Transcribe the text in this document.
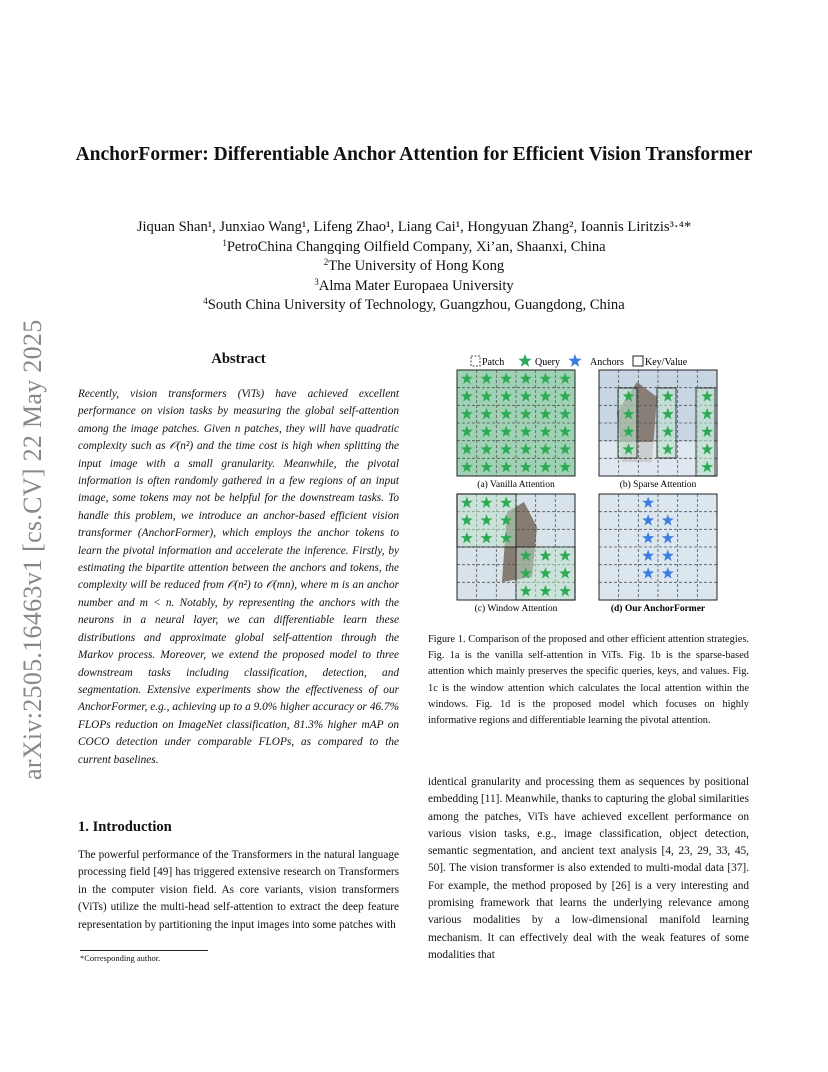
AnchorFormer: Differentiable Anchor Attention for Efficient Vision Transformer
Jiquan Shan¹, Junxiao Wang¹, Lifeng Zhao¹, Liang Cai¹, Hongyuan Zhang², Ioannis Liritzis³·⁴*
$^1$PetroChina Changqing Oilfield Company, Xi’an, Shaanxi, China
$^2$The University of Hong Kong
$^3$Alma Mater Europaea University
$^4$South China University of Technology, Guangzhou, Guangdong, China
arXiv:2505.16463v1 [cs.CV] 22 May 2025	Abstract
Recently, vision transformers (ViTs) have achieved excellent performance on vision tasks by measuring the global self-attention among the image patches. Given n patches, they will have quadratic complexity such as 𝒪(n²) and the time cost is high when splitting the input image with a small granularity. Meanwhile, the pivotal information is often randomly gathered in a few regions of an input image, some tokens may not be helpful for the downstream tasks. To handle this problem, we introduce an anchor-based efficient vision transformer (AnchorFormer), which employs the anchor tokens to learn the pivotal information and accelerate the inference. Firstly, by estimating the bipartite attention between the anchors and tokens, the complexity will be reduced from 𝒪(n²) to 𝒪(mn), where m is an anchor number and m < n. Notably, by representing the anchors with the neurons in a neural layer, we can differentiable learn these distributions and approximate global self-attention through the Markov process. Moreover, we extend the proposed model to three downstream tasks including classification, detection, and segmentation. Extensive experiments show the effectiveness of our AnchorFormer, e.g., achieving up to a 9.0% higher accuracy or 46.7% FLOPs reduction on ImageNet classification, 81.3% higher mAP on COCO detection under comparable FLOPs, as compared to the current baselines.
1. Introduction
The powerful performance of the Transformers in the natural language processing field [49] has triggered extensive research on Transformers in the computer vision field. As core variants, vision transformers (ViTs) utilize the multi-head self-attention to extract the deep feature representation by partitioning the input images into some patches with
*Corresponding author.
Patch	Query	Anchors Key/Value
(a) Vanilla Attention	(b) Sparse Attention
(c) Window Attention	(d) Our AnchorFormer
Figure 1. Comparison of the proposed and other efficient attention strategies. Fig. 1a is the vanilla self-attention in ViTs. Fig. 1b is the sparse-based attention which mainly preserves the specific queries, keys, and values. Fig. 1c is the window attention which calculates the local attention within the windows. Fig. 1d is the proposed model which focuses on highly informative regions and differentiable learning the pivotal attention.
identical granularity and processing them as sequences by positional embedding [11]. Meanwhile, thanks to capturing the global similarities among the patches, ViTs have achieved excellent performance on various vision tasks, e.g., image classification, object detection, semantic segmentation, and ancient text analysis [4, 23, 29, 33, 45, 50]. The vision transformer is also extended to multi-modal data [37]. For example, the method proposed by [26] is a very interesting and promising framework that learns the underlying relevance among various modalities by a low-dimensional manifold learning mechanism. It can effectively deal with the weak features of some modalities that
